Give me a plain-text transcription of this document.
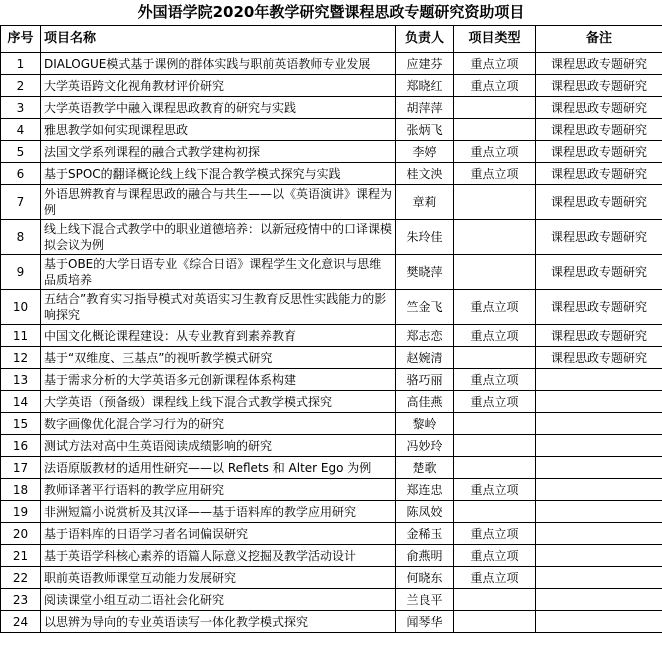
外国语学院2020年教学研究暨课程思政专题研究资助项目
序号	项目名称	负责人	项目类型	备注
1	DIALOGUE模式基于课例的群体实践与职前英语教师专业发展	应建芬	重点立项	课程思政专题研究
2	大学英语跨文化视角教材评价研究	郑晓红	重点立项	课程思政专题研究
3	大学英语教学中融入课程思政教育的研究与实践	胡萍萍		课程思政专题研究
4	雅思教学如何实现课程思政	张炳飞		课程思政专题研究
5	法国文学系列课程的融合式教学建构初探	李婷	重点立项	课程思政专题研究
6	基于SPOC的翻译概论线上线下混合教学模式探究与实践	桂文泱	重点立项	课程思政专题研究
7	外语思辨教育与课程思政的融合与共生——以《英语演讲》课程为例	章莉		课程思政专题研究
8	线上线下混合式教学中的职业道德培养：以新冠疫情中的口译课模拟会议为例	朱玲佳		课程思政专题研究
9	基于OBE的大学日语专业《综合日语》课程学生文化意识与思维品质培养	樊晓萍		课程思政专题研究
10	五结合”教育实习指导模式对英语实习生教育反思性实践能力的影响探究	竺金飞	重点立项	课程思政专题研究
11	中国文化概论课程建设：从专业教育到素养教育	郑志恋	重点立项	课程思政专题研究
12	基于“双维度、三基点”的视听教学模式研究	赵婉清		课程思政专题研究
13	基于需求分析的大学英语多元创新课程体系构建	骆巧丽	重点立项	
14	大学英语（预备级）课程线上线下混合式教学模式探究	高佳燕	重点立项	
15	数字画像优化混合学习行为的研究	黎岭		
16	测试方法对高中生英语阅读成绩影响的研究	冯妙玲		
17	法语原版教材的适用性研究——以 Reflets 和 Alter Ego 为例	楚歌		
18	教师译著平行语料的教学应用研究	郑连忠	重点立项	
19	非洲短篇小说赏析及其汉译——基于语料库的教学应用研究	陈凤姣		
20	基于语料库的日语学习者名词偏误研究	金稀玉	重点立项	
21	基于英语学科核心素养的语篇人际意义挖掘及教学活动设计	俞燕明	重点立项	
22	职前英语教师课堂互动能力发展研究	何晓东	重点立项	
23	阅读课堂小组互动二语社会化研究	兰良平		
24	以思辨为导向的专业英语读写一体化教学模式探究	闻琴华		
